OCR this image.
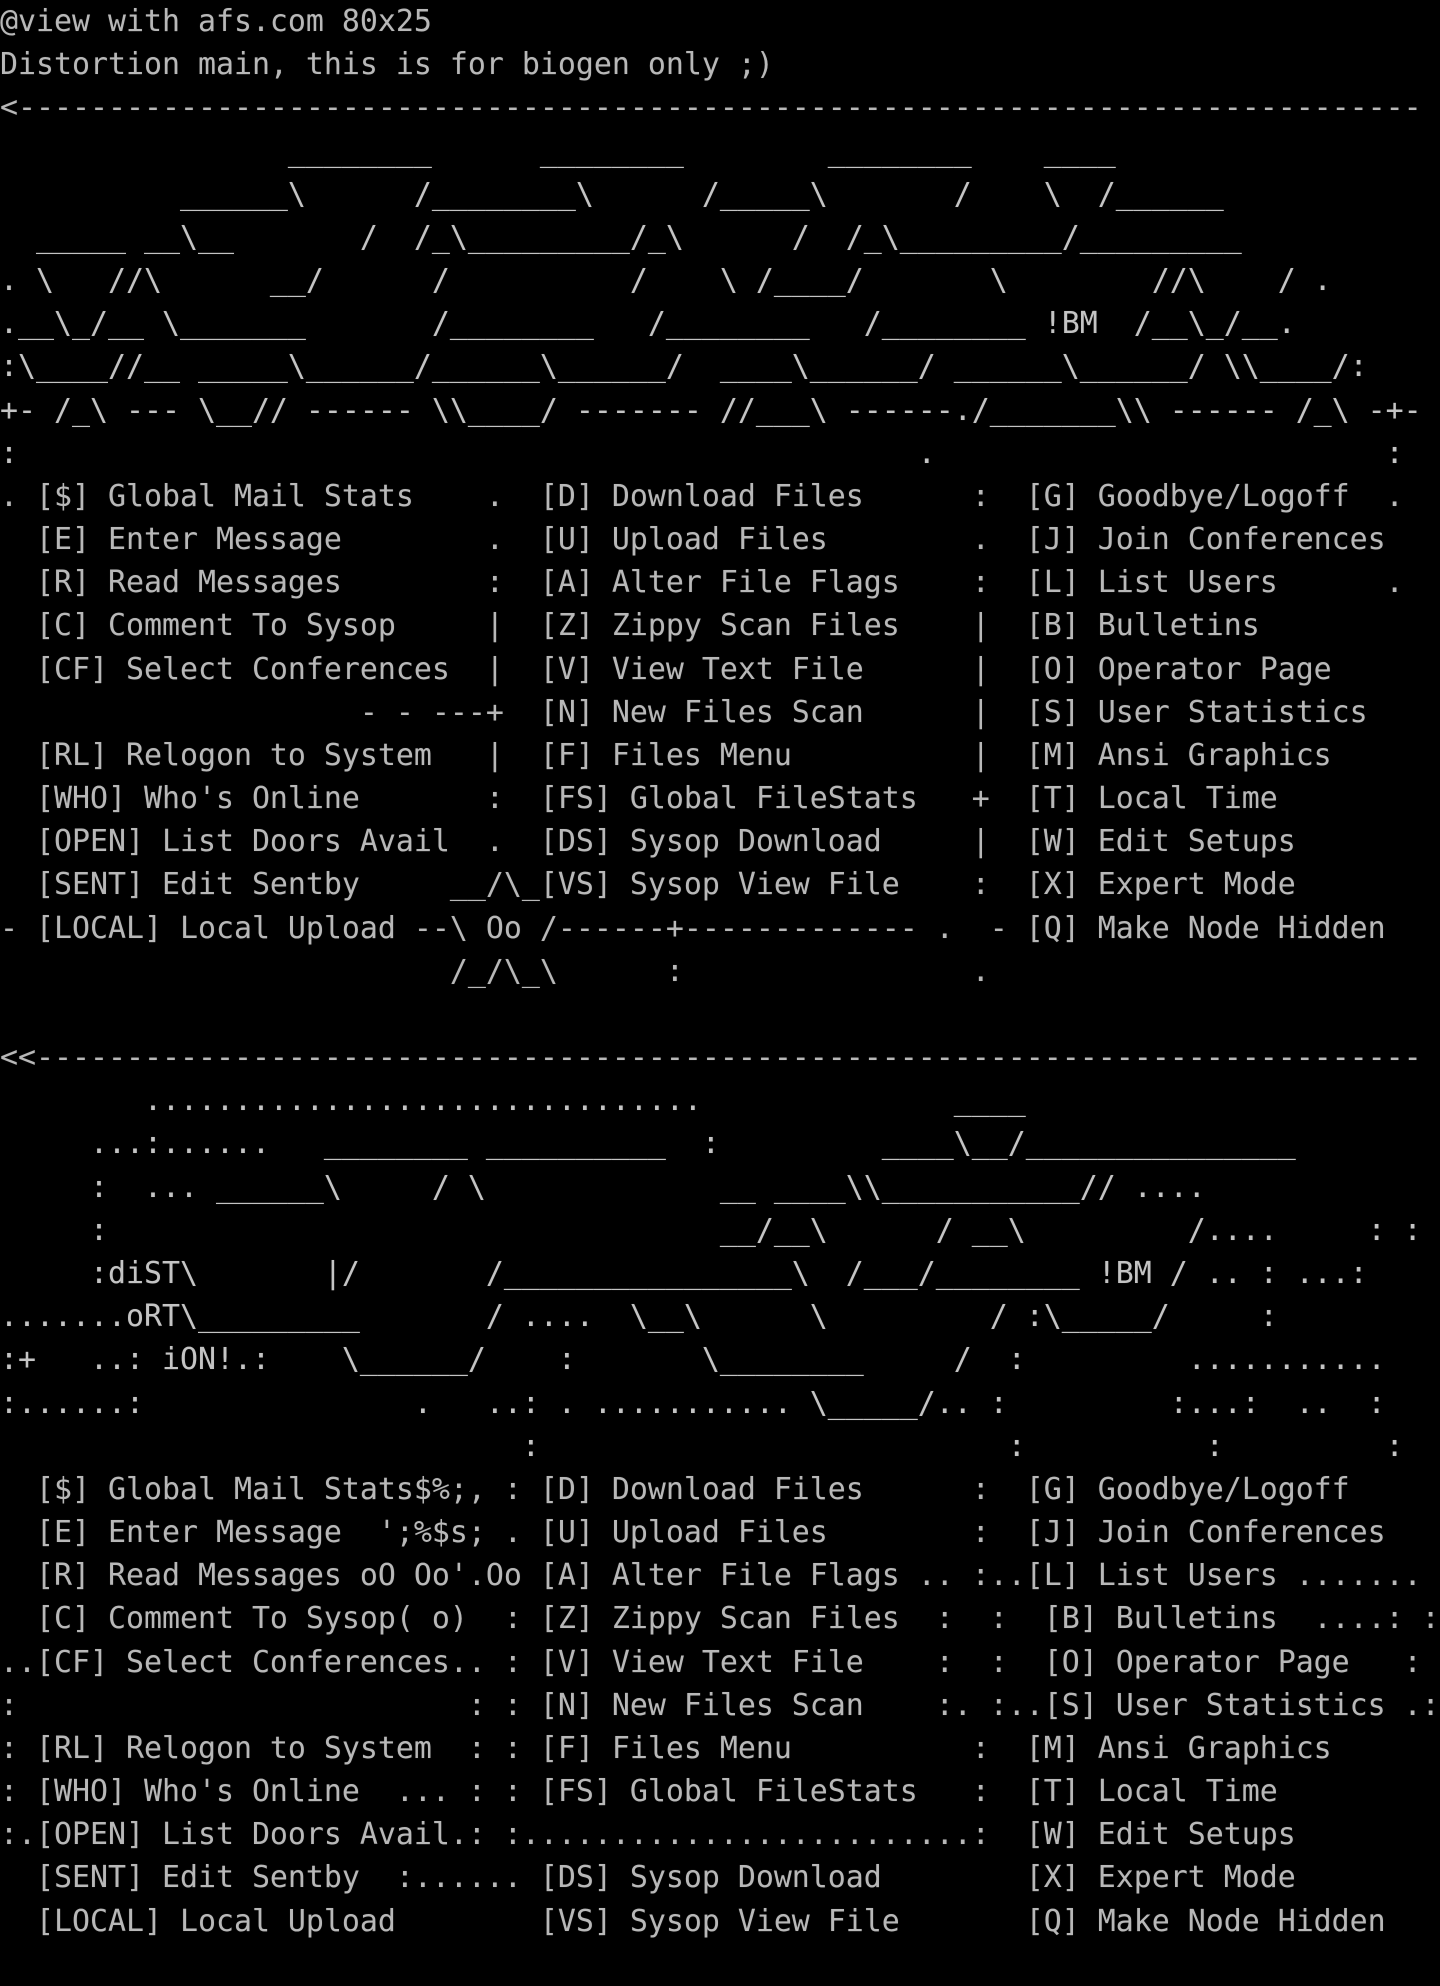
@view with afs.com 80x25
Distortion main, this is for biogen only ;)
<------------------------------------------------------------------------------
________      ________        ________    ____
______\      /________\      /_____\       /    \  /______
_____ __\__       /  /_\_________/_\      /  /_\_________/_________
. \   //\      __/      /          /    \ /____/       \        //\    / .
.__\_/__ \_______       /________   /________   /________ !BM  /__\_/__.
:\____//__ _____\______/______\______/  ____\______/ ______\______/ \\____/:
+- /_\ --- \__// ------ \\____/ ------- //___\ ------./_______\\ ------ /_\ -+-
:                                                  .                         :
. [$] Global Mail Stats    .  [D] Download Files      :  [G] Goodbye/Logoff  .
[E] Enter Message        .  [U] Upload Files        .  [J] Join Conferences
[R] Read Messages        :  [A] Alter File Flags    :  [L] List Users      .
[C] Comment To Sysop     |  [Z] Zippy Scan Files    |  [B] Bulletins
[CF] Select Conferences  |  [V] View Text File      |  [O] Operator Page
- - ---+  [N] New Files Scan      |  [S] User Statistics
[RL] Relogon to System   |  [F] Files Menu          |  [M] Ansi Graphics
[WHO] Who's Online       :  [FS] Global FileStats   +  [T] Local Time
[OPEN] List Doors Avail  .  [DS] Sysop Download     |  [W] Edit Setups
[SENT] Edit Sentby     __/\_[VS] Sysop View File    :  [X] Expert Mode
- [LOCAL] Local Upload --\ Oo /------+------------- .  - [Q] Make Node Hidden
/_/\_\      :                .

<<-----------------------------------------------------------------------------
...............................              ____
...:......   ________ __________  :         ____\__/_______________
:  ... ______\     / \             __ ____\\___________// ....
:                                  __/__\      / __\         /....     : :
:diST\       |/       /________________\  /___/________ !BM / .. : ...:
.......oRT\_________       / ....  \__\      \         / :\_____/     :
:+   ..: iON!.:    \______/    :       \________     /  :         ...........
:......:               .   ..: . ........... \_____/.. :         :...:  ..  :
:                          :          :         :
[$] Global Mail Stats$%;, : [D] Download Files      :  [G] Goodbye/Logoff
[E] Enter Message  ';%$s; . [U] Upload Files        :  [J] Join Conferences
[R] Read Messages oO Oo'.Oo [A] Alter File Flags .. :..[L] List Users .......
[C] Comment To Sysop( o)  : [Z] Zippy Scan Files  :  :  [B] Bulletins  ....: :
..[CF] Select Conferences.. : [V] View Text File    :  :  [O] Operator Page   :
:                         : : [N] New Files Scan    :. :..[S] User Statistics .:
: [RL] Relogon to System  : : [F] Files Menu          :  [M] Ansi Graphics
: [WHO] Who's Online  ... : : [FS] Global FileStats   :  [T] Local Time
:.[OPEN] List Doors Avail.: :.........................:  [W] Edit Setups
[SENT] Edit Sentby  :...... [DS] Sysop Download        [X] Expert Mode
[LOCAL] Local Upload        [VS] Sysop View File       [Q] Make Node Hidden
